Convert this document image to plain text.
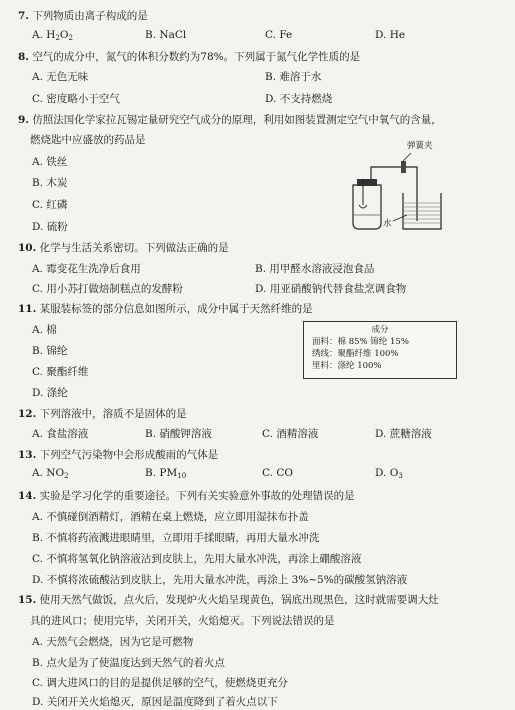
7. 下列物质由离子构成的是
A. $H_2O_2$	B. NaCl	C. Fe	D. He
8. 空气的成分中，氮气的体积分数约为78%。下列属于氮气化学性质的是
A. 无色无味	B. 难溶于水
C. 密度略小于空气	D. 不支持燃烧
9. 仿照法国化学家拉瓦锡定量研究空气成分的原理，利用如图装置测定空气中氧气的含量，
燃烧匙中应盛放的药品是
A. 铁丝
B. 木炭
C. 红磷
D. 硫粉
弹簧夹
水
10. 化学与生活关系密切。下列做法正确的是
A. 霉变花生洗净后食用	B. 用甲醛水溶液浸泡食品
C. 用小苏打做焙制糕点的发酵粉	D. 用亚硝酸钠代替食盐烹调食物
11. 某服装标签的部分信息如图所示，成分中属于天然纤维的是
A. 棉
B. 锦纶
C. 聚酯纤维
D. 涤纶
成分
面料：棉 85% 锦纶 15%
绣线：聚酯纤维 100%
里料：涤纶 100%
12. 下列溶液中，溶质不是固体的是
A. 食盐溶液	B. 硝酸钾溶液	C. 酒精溶液	D. 蔗糖溶液
13. 下列空气污染物中会形成酸雨的气体是
A. $NO_2$	B. $PM_{10}$	C. CO	D. $O_3$
14. 实验是学习化学的重要途径。下列有关实验意外事故的处理错误的是
A. 不慎碰倒酒精灯，酒精在桌上燃烧，应立即用湿抹布扑盖
B. 不慎将药液溅进眼睛里，立即用手揉眼睛，再用大量水冲洗
C. 不慎将氢氧化钠溶液沾到皮肤上，先用大量水冲洗，再涂上硼酸溶液
D. 不慎将浓硫酸沾到皮肤上，先用大量水冲洗，再涂上 3%~5%的碳酸氢钠溶液
15. 使用天然气做饭，点火后，发现炉火火焰呈现黄色，锅底出现黑色，这时就需要调大灶
具的进风口；使用完毕，关闭开关，火焰熄灭。下列说法错误的是
A. 天然气会燃烧，因为它是可燃物
B. 点火是为了使温度达到天然气的着火点
C. 调大进风口的目的是提供足够的空气，使燃烧更充分
D. 关闭开关火焰熄灭，原因是温度降到了着火点以下
